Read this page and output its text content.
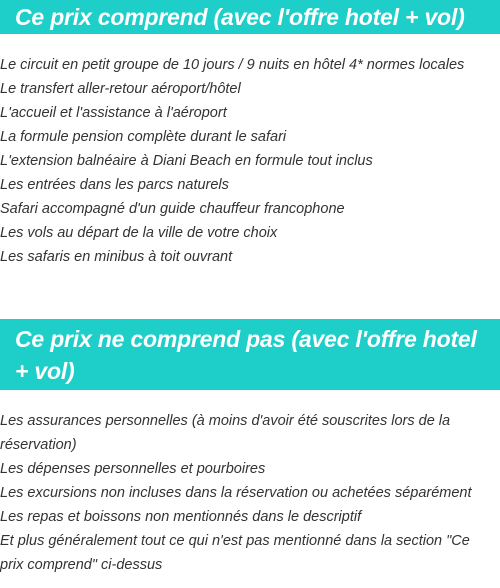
Ce prix comprend (avec l'offre hotel + vol)
Le circuit en petit groupe de 10 jours / 9 nuits en hôtel 4* normes locales
Le transfert aller-retour aéroport/hôtel
L'accueil et l'assistance à l'aéroport
La formule pension complète durant le safari
L'extension balnéaire à Diani Beach en formule tout inclus
Les entrées dans les parcs naturels
Safari accompagné d'un guide chauffeur francophone
Les vols au départ de la ville de votre choix
Les safaris en minibus à toit ouvrant
Ce prix ne comprend pas (avec l'offre hotel + vol)
Les assurances personnelles (à moins d'avoir été souscrites lors de la réservation)
Les dépenses personnelles et pourboires
Les excursions non incluses dans la réservation ou achetées séparément
Les repas et boissons non mentionnés dans le descriptif
Et plus généralement tout ce qui n'est pas mentionné dans la section "Ce prix comprend" ci-dessus
